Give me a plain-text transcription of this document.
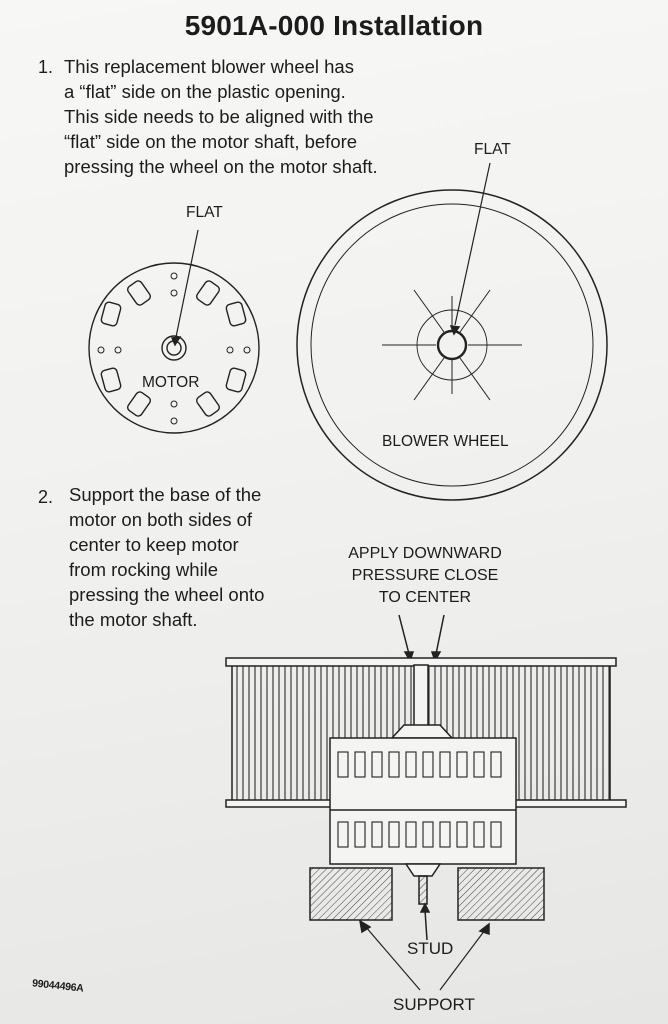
5901A-000 Installation
1. This replacement blower wheel has
a “flat” side on the plastic opening.
This side needs to be aligned with the
“flat” side on the motor shaft, before
pressing the wheel on the motor shaft.
2. Support the base of the
motor on both sides of
center to keep motor
from rocking while
pressing the wheel onto
the motor shaft.
FLAT
FLAT
MOTOR
BLOWER WHEEL
APPLY DOWNWARD
PRESSURE CLOSE
TO CENTER
STUD
SUPPORT
99044496A
